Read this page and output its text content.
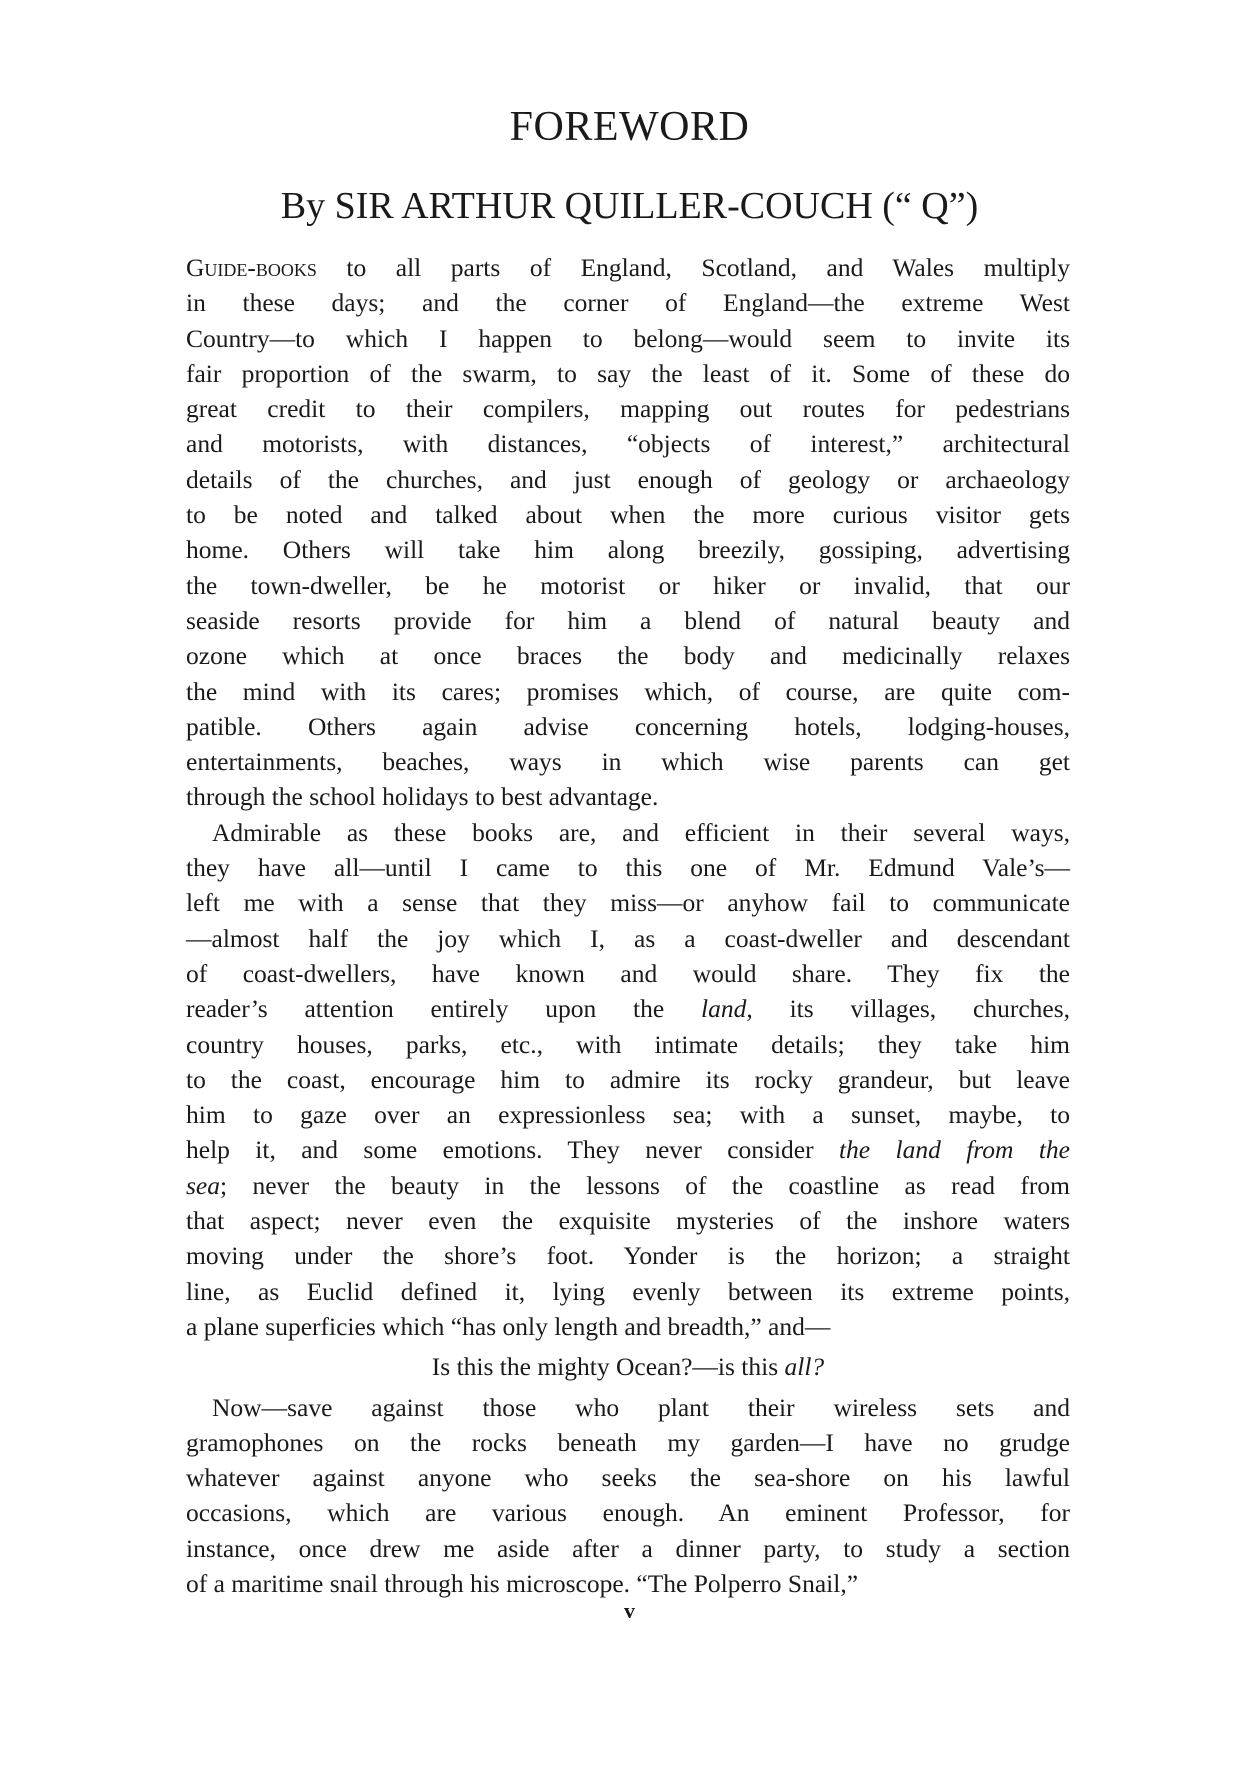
FOREWORD
By SIR ARTHUR QUILLER-COUCH (“ Q”)
Guide-books to all parts of England, Scotland, and Wales multiply
in these days; and the corner of England—the extreme West
Country—to which I happen to belong—would seem to invite its
fair proportion of the swarm, to say the least of it. Some of these do
great credit to their compilers, mapping out routes for pedestrians
and motorists, with distances, “objects of interest,” architectural
details of the churches, and just enough of geology or archaeology
to be noted and talked about when the more curious visitor gets
home. Others will take him along breezily, gossiping, advertising
the town-dweller, be he motorist or hiker or invalid, that our
seaside resorts provide for him a blend of natural beauty and
ozone which at once braces the body and medicinally relaxes
the mind with its cares; promises which, of course, are quite com-
patible. Others again advise concerning hotels, lodging-houses,
entertainments, beaches, ways in which wise parents can get
through the school holidays to best advantage.
Admirable as these books are, and efficient in their several ways,
they have all—until I came to this one of Mr. Edmund Vale’s—
left me with a sense that they miss—or anyhow fail to communicate
—almost half the joy which I, as a coast-dweller and descendant
of coast-dwellers, have known and would share. They fix the
reader’s attention entirely upon the land, its villages, churches,
country houses, parks, etc., with intimate details; they take him
to the coast, encourage him to admire its rocky grandeur, but leave
him to gaze over an expressionless sea; with a sunset, maybe, to
help it, and some emotions. They never consider the land from the
sea; never the beauty in the lessons of the coastline as read from
that aspect; never even the exquisite mysteries of the inshore waters
moving under the shore’s foot. Yonder is the horizon; a straight
line, as Euclid defined it, lying evenly between its extreme points,
a plane superficies which “has only length and breadth,” and—
Is this the mighty Ocean?—is this all?
Now—save against those who plant their wireless sets and
gramophones on the rocks beneath my garden—I have no grudge
whatever against anyone who seeks the sea-shore on his lawful
occasions, which are various enough. An eminent Professor, for
instance, once drew me aside after a dinner party, to study a section
of a maritime snail through his microscope. “The Polperro Snail,”
v
